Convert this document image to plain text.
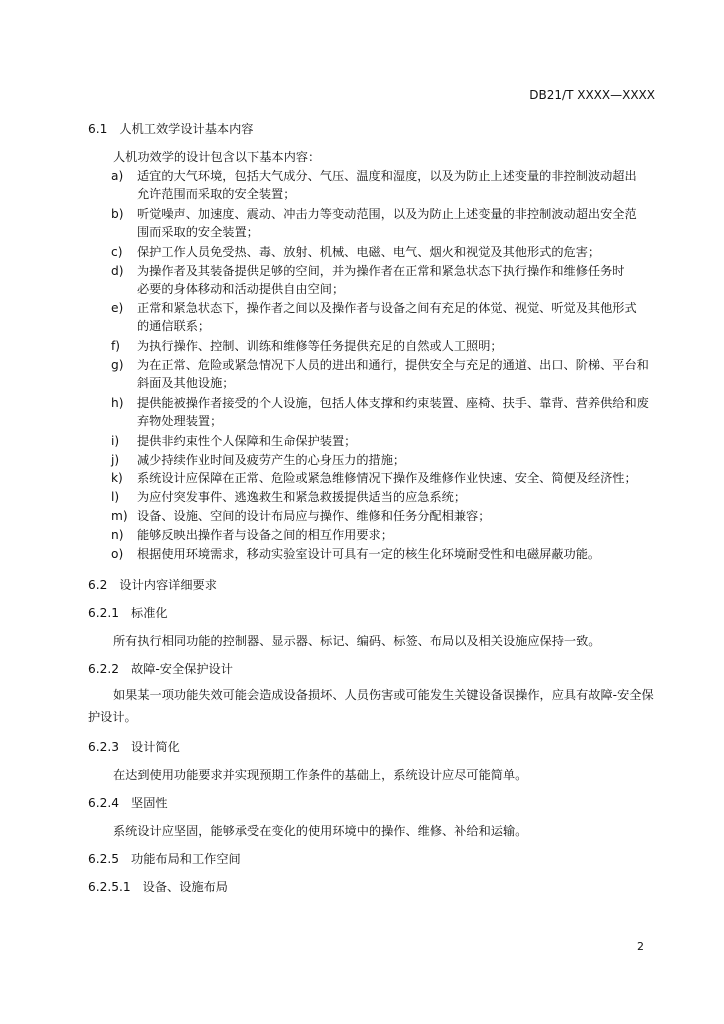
DB21/T XXXX—XXXX
6.1 人机工效学设计基本内容
人机功效学的设计包含以下基本内容：
a) 适宜的大气环境，包括大气成分、气压、温度和湿度，以及为防止上述变量的非控制波动超出
允许范围而采取的安全装置；
b) 听觉噪声、加速度、震动、冲击力等变动范围，以及为防止上述变量的非控制波动超出安全范
围而采取的安全装置；
c) 保护工作人员免受热、毒、放射、机械、电磁、电气、烟火和视觉及其他形式的危害；
d) 为操作者及其装备提供足够的空间，并为操作者在正常和紧急状态下执行操作和维修任务时
必要的身体移动和活动提供自由空间；
e) 正常和紧急状态下，操作者之间以及操作者与设备之间有充足的体觉、视觉、听觉及其他形式
的通信联系；
f) 为执行操作、控制、训练和维修等任务提供充足的自然或人工照明；
g) 为在正常、危险或紧急情况下人员的进出和通行，提供安全与充足的通道、出口、阶梯、平台和
斜面及其他设施；
h) 提供能被操作者接受的个人设施，包括人体支撑和约束装置、座椅、扶手、靠背、营养供给和废
弃物处理装置；
i) 提供非约束性个人保障和生命保护装置；
j) 减少持续作业时间及疲劳产生的心身压力的措施；
k) 系统设计应保障在正常、危险或紧急维修情况下操作及维修作业快速、安全、简便及经济性；
l) 为应付突发事件、逃逸救生和紧急救援提供适当的应急系统；
m) 设备、设施、空间的设计布局应与操作、维修和任务分配相兼容；
n) 能够反映出操作者与设备之间的相互作用要求；
o) 根据使用环境需求，移动实验室设计可具有一定的核生化环境耐受性和电磁屏蔽功能。
6.2 设计内容详细要求
6.2.1 标准化
所有执行相同功能的控制器、显示器、标记、编码、标签、布局以及相关设施应保持一致。
6.2.2 故障-安全保护设计
如果某一项功能失效可能会造成设备损坏、人员伤害或可能发生关键设备误操作，应具有故障-安全保护设计。
6.2.3 设计简化
在达到使用功能要求并实现预期工作条件的基础上，系统设计应尽可能简单。
6.2.4 坚固性
系统设计应坚固，能够承受在变化的使用环境中的操作、维修、补给和运输。
6.2.5 功能布局和工作空间
6.2.5.1 设备、设施布局
2
